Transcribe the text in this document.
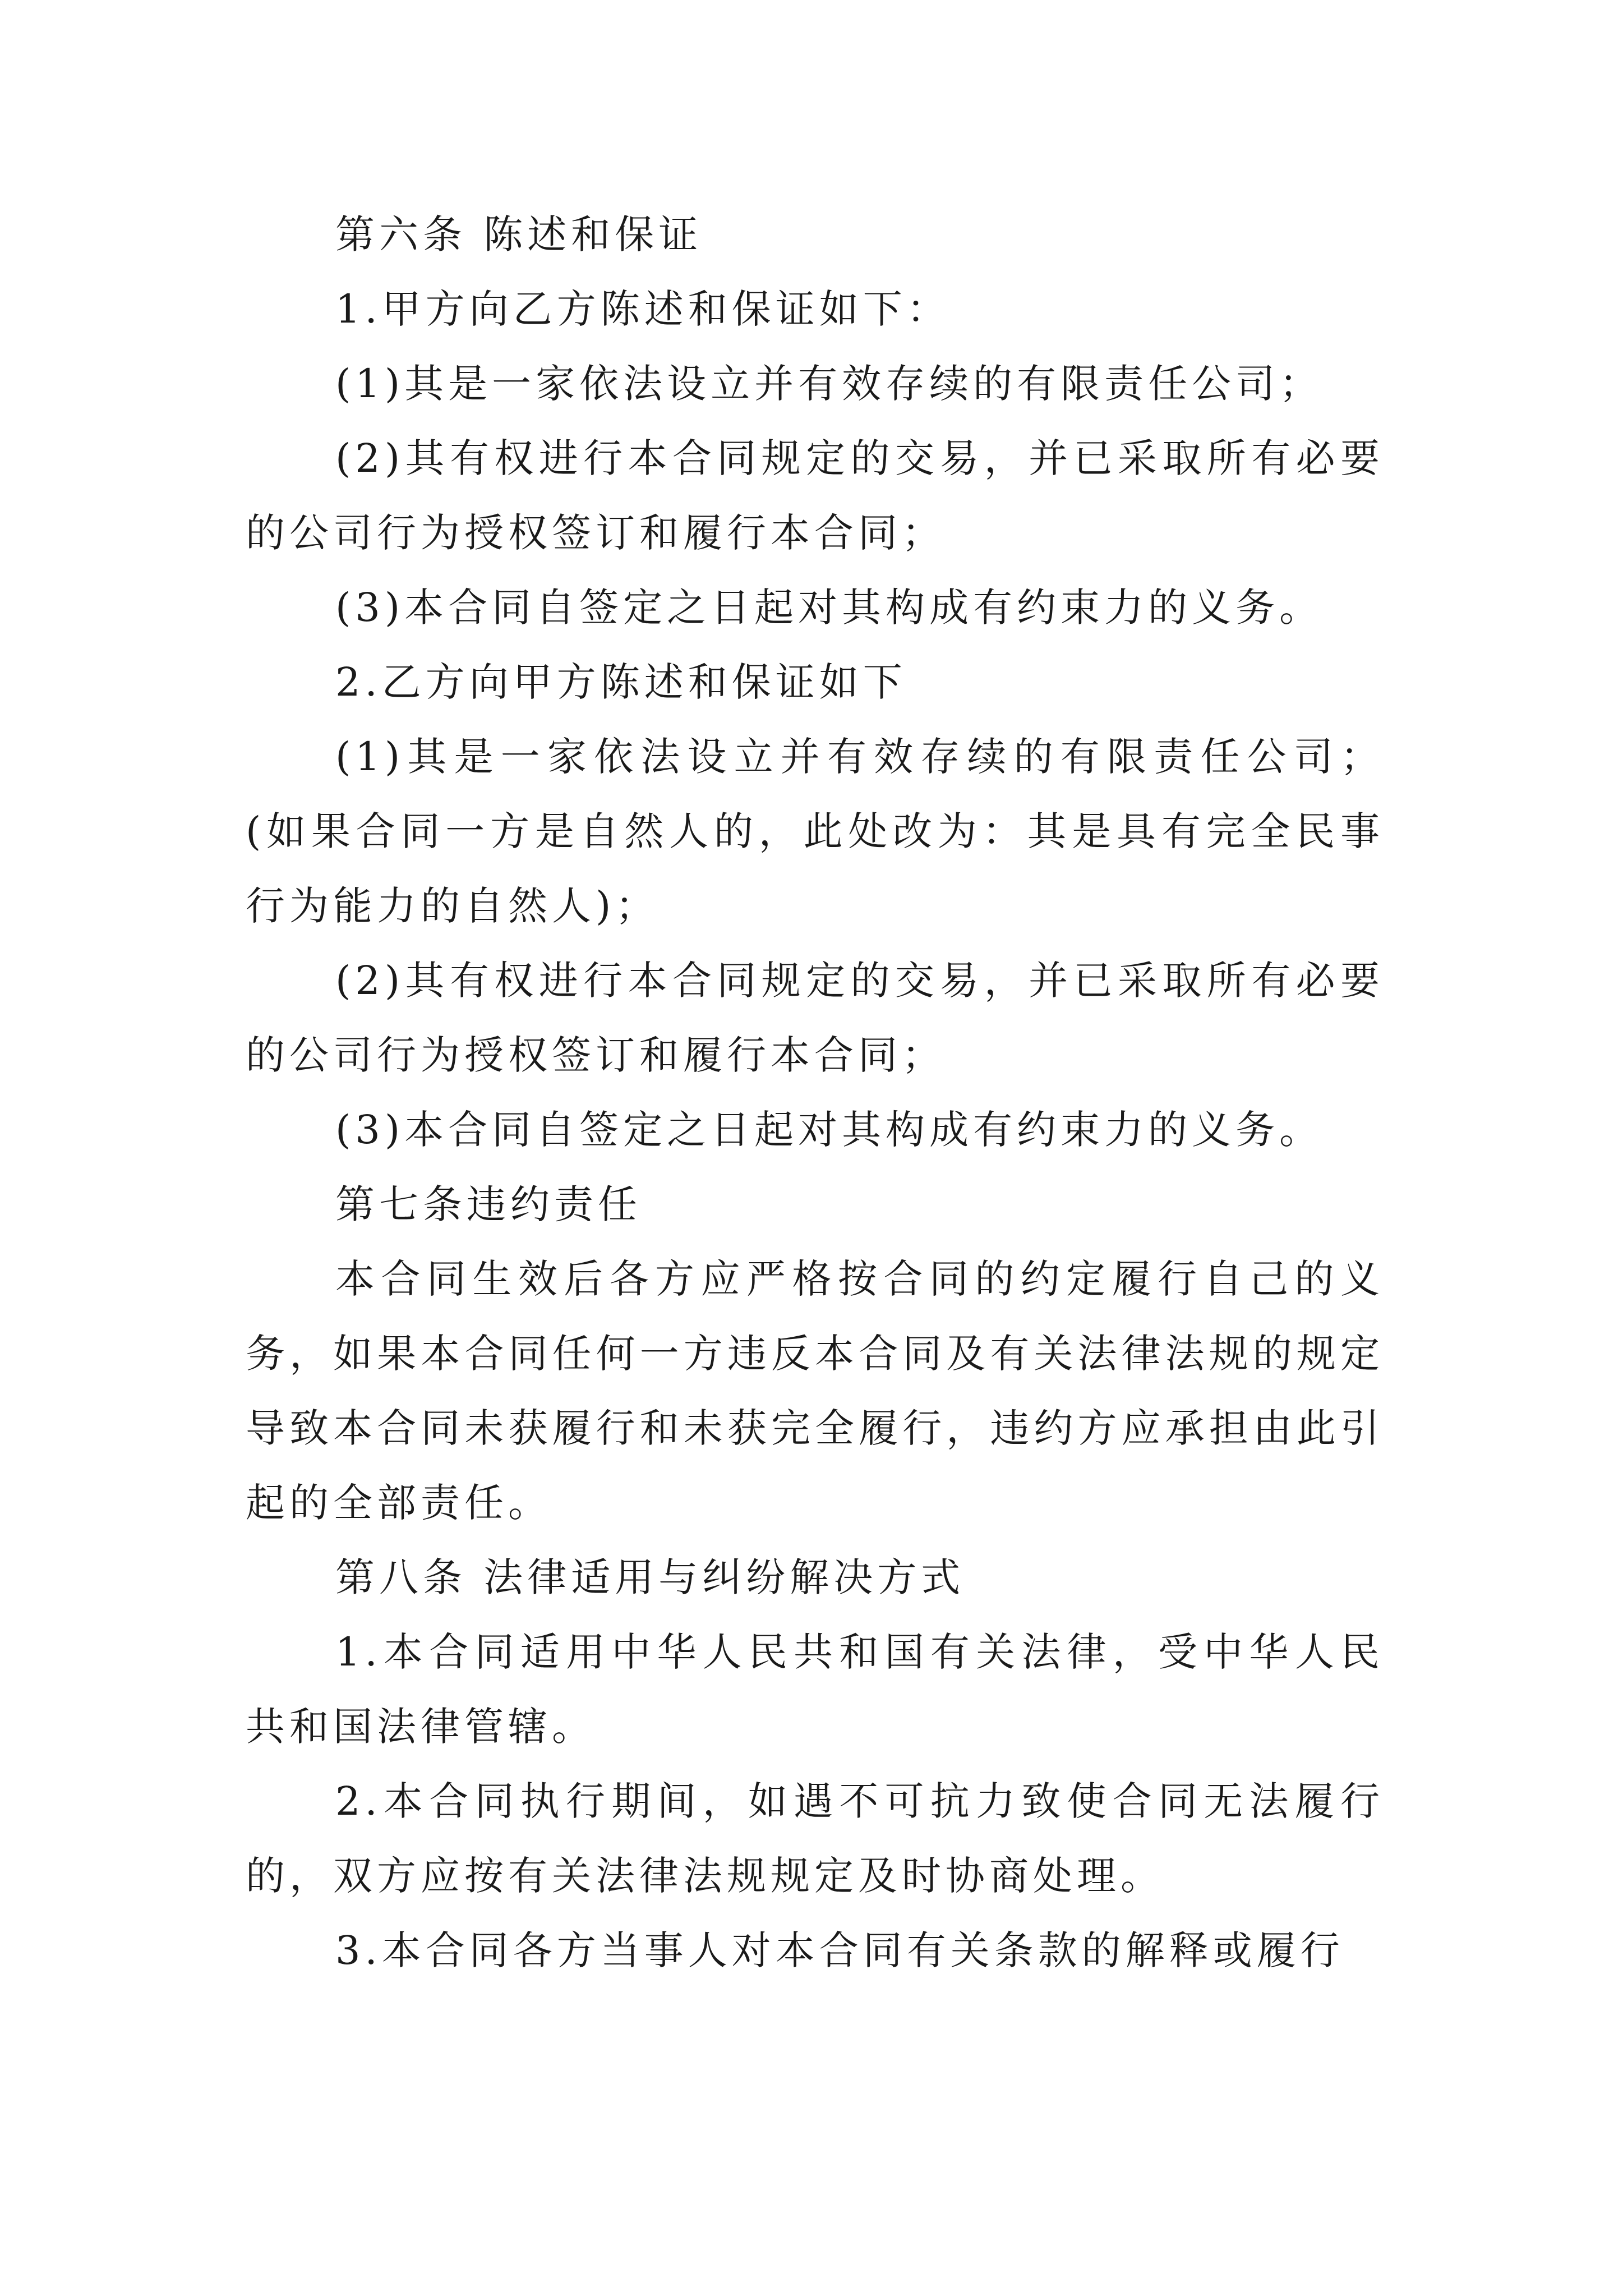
第六条 陈述和保证

1.甲方向乙方陈述和保证如下：

(1)其是一家依法设立并有效存续的有限责任公司；

(2)其有权进行本合同规定的交易，并已采取所有必要的公司行为授权签订和履行本合同；

(3)本合同自签定之日起对其构成有约束力的义务。

2.乙方向甲方陈述和保证如下

(1)其是一家依法设立并有效存续的有限责任公司；(如果合同一方是自然人的，此处改为：其是具有完全民事行为能力的自然人)；

(2)其有权进行本合同规定的交易，并已采取所有必要的公司行为授权签订和履行本合同；

(3)本合同自签定之日起对其构成有约束力的义务。

第七条违约责任

本合同生效后各方应严格按合同的约定履行自己的义务，如果本合同任何一方违反本合同及有关法律法规的规定导致本合同未获履行和未获完全履行，违约方应承担由此引起的全部责任。

第八条 法律适用与纠纷解决方式

1.本合同适用中华人民共和国有关法律，受中华人民共和国法律管辖。

2.本合同执行期间，如遇不可抗力致使合同无法履行的，双方应按有关法律法规规定及时协商处理。

3.本合同各方当事人对本合同有关条款的解释或履行
